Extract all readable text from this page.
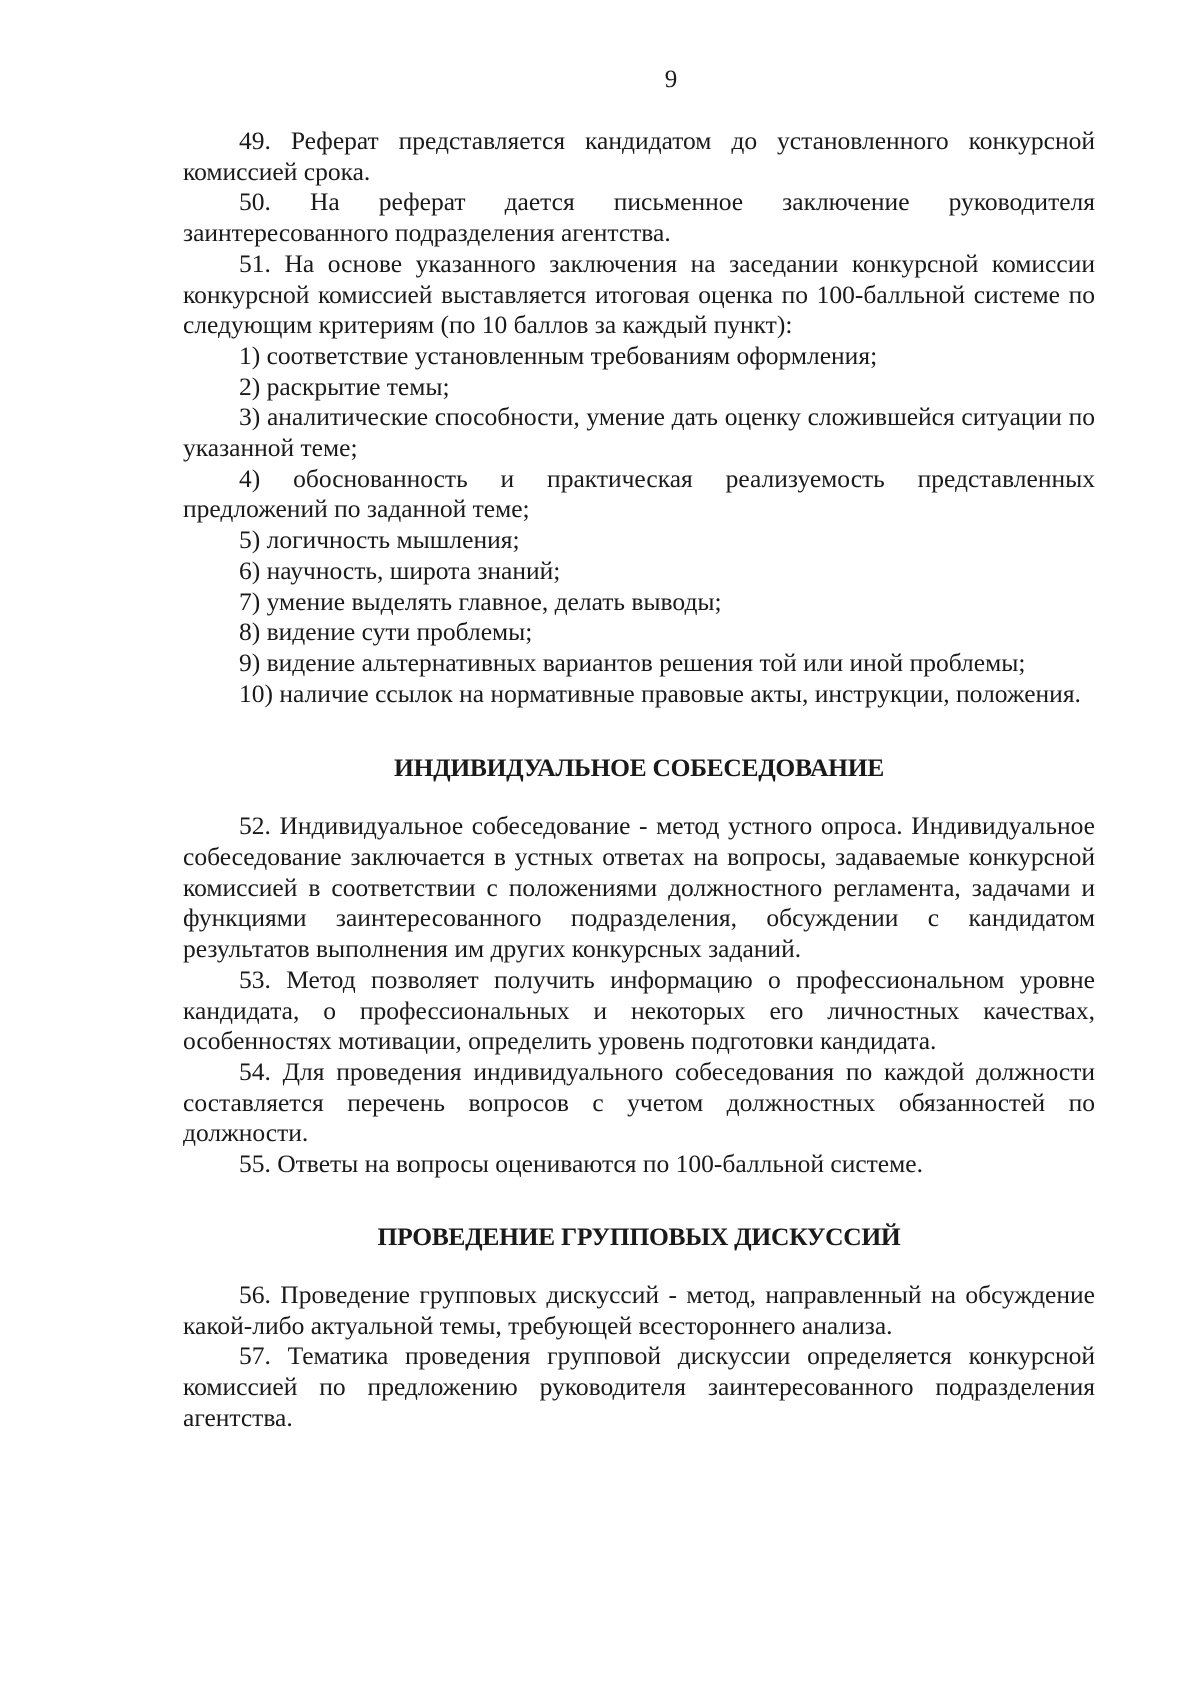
9

49. Реферат представляется кандидатом до установленного конкурсной комиссией срока.

50. На реферат дается письменное заключение руководителя заинтересованного подразделения агентства.

51. На основе указанного заключения на заседании конкурсной комиссии конкурсной комиссией выставляется итоговая оценка по 100-балльной системе по следующим критериям (по 10 баллов за каждый пункт):

1) соответствие установленным требованиям оформления;

2) раскрытие темы;

3) аналитические способности, умение дать оценку сложившейся ситуации по указанной теме;

4) обоснованность и практическая реализуемость представленных предложений по заданной теме;

5) логичность мышления;

6) научность, широта знаний;

7) умение выделять главное, делать выводы;

8) видение сути проблемы;

9) видение альтернативных вариантов решения той или иной проблемы;

10) наличие ссылок на нормативные правовые акты, инструкции, положения.

ИНДИВИДУАЛЬНОЕ СОБЕСЕДОВАНИЕ

52. Индивидуальное собеседование - метод устного опроса. Индивидуальное собеседование заключается в устных ответах на вопросы, задаваемые конкурсной комиссией в соответствии с положениями должностного регламента, задачами и функциями заинтересованного подразделения, обсуждении с кандидатом результатов выполнения им других конкурсных заданий.

53. Метод позволяет получить информацию о профессиональном уровне кандидата, о профессиональных и некоторых его личностных качествах, особенностях мотивации, определить уровень подготовки кандидата.

54. Для проведения индивидуального собеседования по каждой должности составляется перечень вопросов с учетом должностных обязанностей по должности.

55. Ответы на вопросы оцениваются по 100-балльной системе.

ПРОВЕДЕНИЕ ГРУППОВЫХ ДИСКУССИЙ

56. Проведение групповых дискуссий - метод, направленный на обсуждение какой-либо актуальной темы, требующей всестороннего анализа.

57. Тематика проведения групповой дискуссии определяется конкурсной комиссией по предложению руководителя заинтересованного подразделения агентства.
